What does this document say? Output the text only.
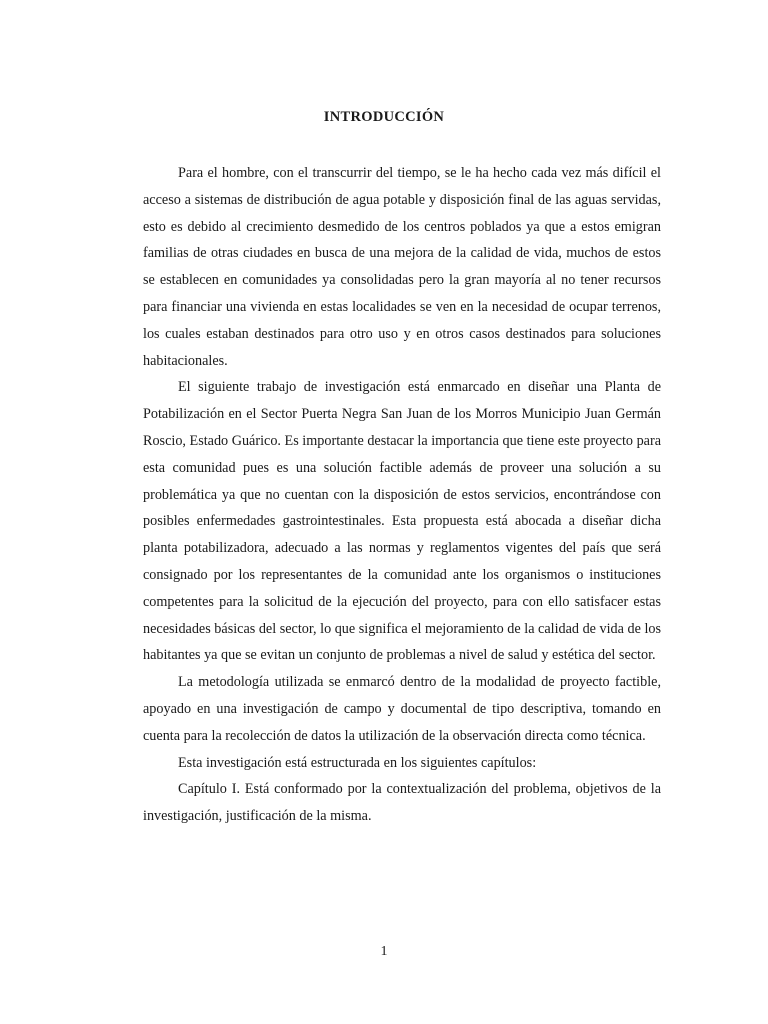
INTRODUCCIÓN

Para el hombre, con el transcurrir del tiempo, se le ha hecho cada vez más difícil el acceso a sistemas de distribución de agua potable y disposición final de las aguas servidas, esto es debido al crecimiento desmedido de los centros poblados ya que a estos emigran familias de otras ciudades en busca de una mejora de la calidad de vida, muchos de estos se establecen en comunidades ya consolidadas pero la gran mayoría al no tener recursos para financiar una vivienda en estas localidades se ven en la necesidad de ocupar terrenos, los cuales estaban destinados para otro uso y en otros casos destinados para soluciones habitacionales.

El siguiente trabajo de investigación está enmarcado en diseñar una Planta de Potabilización en el Sector Puerta Negra San Juan de los Morros Municipio Juan Germán Roscio, Estado Guárico. Es importante destacar la importancia que tiene este proyecto para esta comunidad pues es una solución factible además de proveer una solución a su problemática ya que no cuentan con la disposición de estos servicios, encontrándose con posibles enfermedades gastrointestinales. Esta propuesta está abocada a diseñar dicha planta potabilizadora, adecuado a las normas y reglamentos vigentes del país que será consignado por los representantes de la comunidad ante los organismos o instituciones competentes para la solicitud de la ejecución del proyecto, para con ello satisfacer estas necesidades básicas del sector, lo que significa el mejoramiento de la calidad de vida de los habitantes ya que se evitan un conjunto de problemas a nivel de salud y estética del sector.

La metodología utilizada se enmarcó dentro de la modalidad de proyecto factible, apoyado en una investigación de campo y documental de tipo descriptiva, tomando en cuenta para la recolección de datos la utilización de la observación directa como técnica.

Esta investigación está estructurada en los siguientes capítulos:

Capítulo I. Está conformado por la contextualización del problema, objetivos de la investigación, justificación de la misma.

1
